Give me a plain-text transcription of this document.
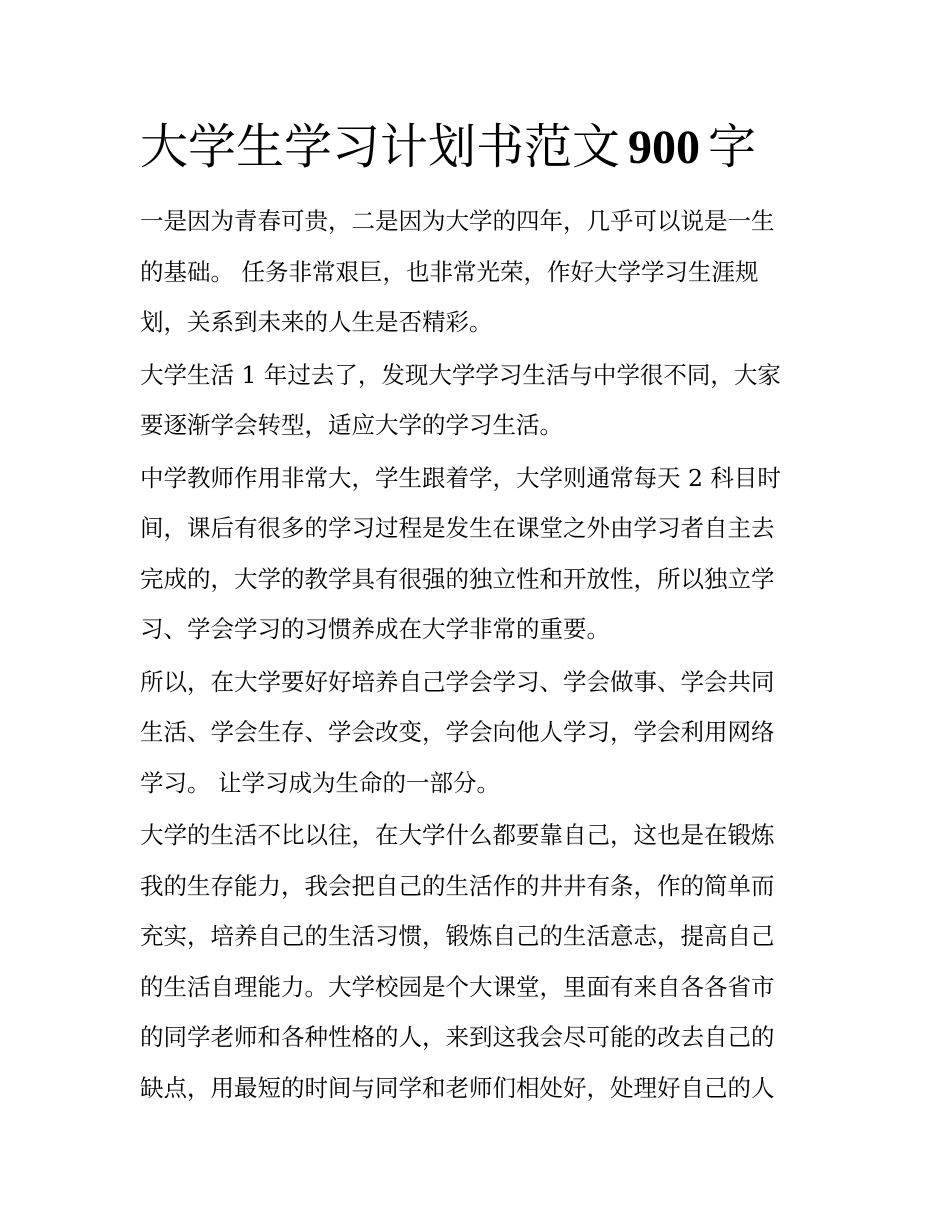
大学生学习计划书范文 900 字

一是因为青春可贵，二是因为大学的四年，几乎可以说是一生
的基础。 任务非常艰巨，也非常光荣，作好大学学习生涯规
划，关系到未来的人生是否精彩。

大学生活 1 年过去了，发现大学学习生活与中学很不同，大家
要逐渐学会转型，适应大学的学习生活。

中学教师作用非常大，学生跟着学，大学则通常每天 2 科目时
间，课后有很多的学习过程是发生在课堂之外由学习者自主去
完成的，大学的教学具有很强的独立性和开放性，所以独立学
习、学会学习的习惯养成在大学非常的重要。

所以，在大学要好好培养自己学会学习、学会做事、学会共同
生活、学会生存、学会改变，学会向他人学习，学会利用网络
学习。 让学习成为生命的一部分。

大学的生活不比以往，在大学什么都要靠自己，这也是在锻炼
我的生存能力，我会把自己的生活作的井井有条，作的简单而
充实，培养自己的生活习惯，锻炼自己的生活意志，提高自己
的生活自理能力。大学校园是个大课堂，里面有来自各各省市
的同学老师和各种性格的人，来到这我会尽可能的改去自己的
缺点，用最短的时间与同学和老师们相处好，处理好自己的人
